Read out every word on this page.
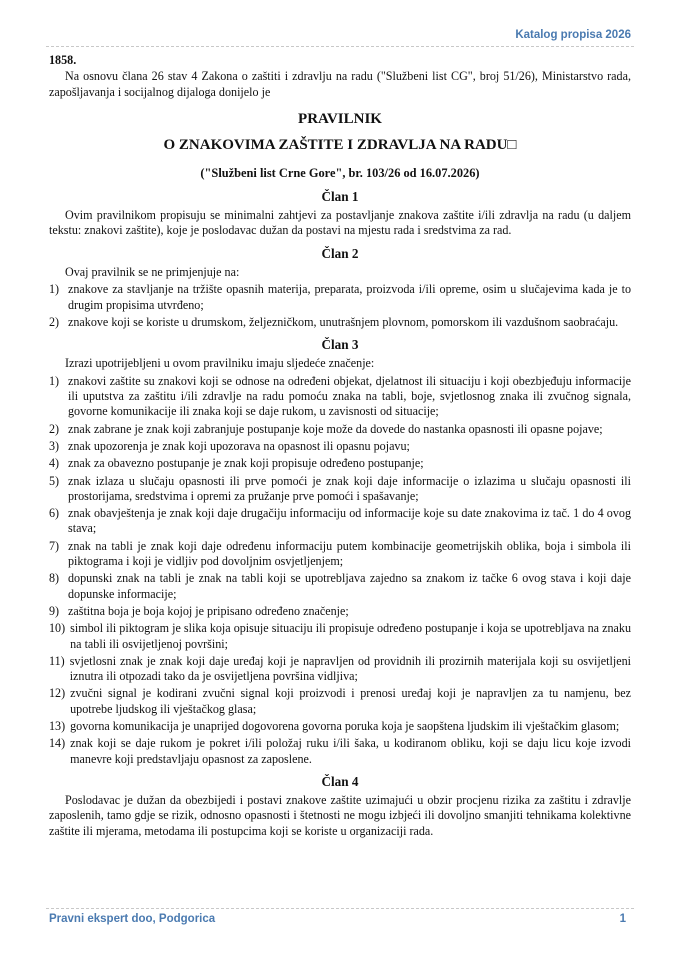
Katalog propisa 2026

1858.

Na osnovu člana 26 stav 4 Zakona o zaštiti i zdravlju na radu ("Službeni list CG", broj 51/26), Ministarstvo rada, zapošljavanja i socijalnog dijaloga donijelo je

PRAVILNIK

O ZNAKOVIMA ZAŠTITE I ZDRAVLJA NA RADU□

("Službeni list Crne Gore", br. 103/26 od 16.07.2026)

Član 1

Ovim pravilnikom propisuju se minimalni zahtjevi za postavljanje znakova zaštite i/ili zdravlja na radu (u daljem tekstu: znakovi zaštite), koje je poslodavac dužan da postavi na mjestu rada i sredstvima za rad.

Član 2

Ovaj pravilnik se ne primjenjuje na:

1) znakove za stavljanje na tržište opasnih materija, preparata, proizvoda i/ili opreme, osim u slučajevima kada je to drugim propisima utvrđeno;
2) znakove koji se koriste u drumskom, željezničkom, unutrašnjem plovnom, pomorskom ili vazdušnom saobraćaju.

Član 3

Izrazi upotrijebljeni u ovom pravilniku imaju sljedeće značenje:

1) znakovi zaštite su znakovi koji se odnose na određeni objekat, djelatnost ili situaciju i koji obezbjeđuju informacije ili uputstva za zaštitu i/ili zdravlje na radu pomoću znaka na tabli, boje, svjetlosnog znaka ili zvučnog signala, govorne komunikacije ili znaka koji se daje rukom, u zavisnosti od situacije;
2) znak zabrane je znak koji zabranjuje postupanje koje može da dovede do nastanka opasnosti ili opasne pojave;
3) znak upozorenja je znak koji upozorava na opasnost ili opasnu pojavu;
4) znak za obavezno postupanje je znak koji propisuje određeno postupanje;
5) znak izlaza u slučaju opasnosti ili prve pomoći je znak koji daje informacije o izlazima u slučaju opasnosti ili prostorijama, sredstvima i opremi za pružanje prve pomoći i spašavanje;
6) znak obavještenja je znak koji daje drugačiju informaciju od informacije koje su date znakovima iz tač. 1 do 4 ovog stava;
7) znak na tabli je znak koji daje određenu informaciju putem kombinacije geometrijskih oblika, boja i simbola ili piktograma i koji je vidljiv pod dovoljnim osvjetljenjem;
8) dopunski znak na tabli je znak na tabli koji se upotrebljava zajedno sa znakom iz tačke 6 ovog stava i koji daje dopunske informacije;
9) zaštitna boja je boja kojoj je pripisano određeno značenje;
10) simbol ili piktogram je slika koja opisuje situaciju ili propisuje određeno postupanje i koja se upotrebljava na znaku na tabli ili osvijetljenoj površini;
11) svjetlosni znak je znak koji daje uređaj koji je napravljen od providnih ili prozirnih materijala koji su osvijetljeni iznutra ili otpozadi tako da je osvijetljena površina vidljiva;
12) zvučni signal je kodirani zvučni signal koji proizvodi i prenosi uređaj koji je napravljen za tu namjenu, bez upotrebe ljudskog ili vještačkog glasa;
13) govorna komunikacija je unaprijed dogovorena govorna poruka koja je saopštena ljudskim ili vještačkim glasom;
14) znak koji se daje rukom je pokret i/ili položaj ruku i/ili šaka, u kodiranom obliku, koji se daju licu koje izvodi manevre koji predstavljaju opasnost za zaposlene.

Član 4

Poslodavac je dužan da obezbijedi i postavi znakove zaštite uzimajući u obzir procjenu rizika za zaštitu i zdravlje zaposlenih, tamo gdje se rizik, odnosno opasnosti i štetnosti ne mogu izbjeći ili dovoljno smanjiti tehnikama kolektivne zaštite ili mjerama, metodama ili postupcima koji se koriste u organizaciji rada.

Pravni ekspert doo, Podgorica	1
